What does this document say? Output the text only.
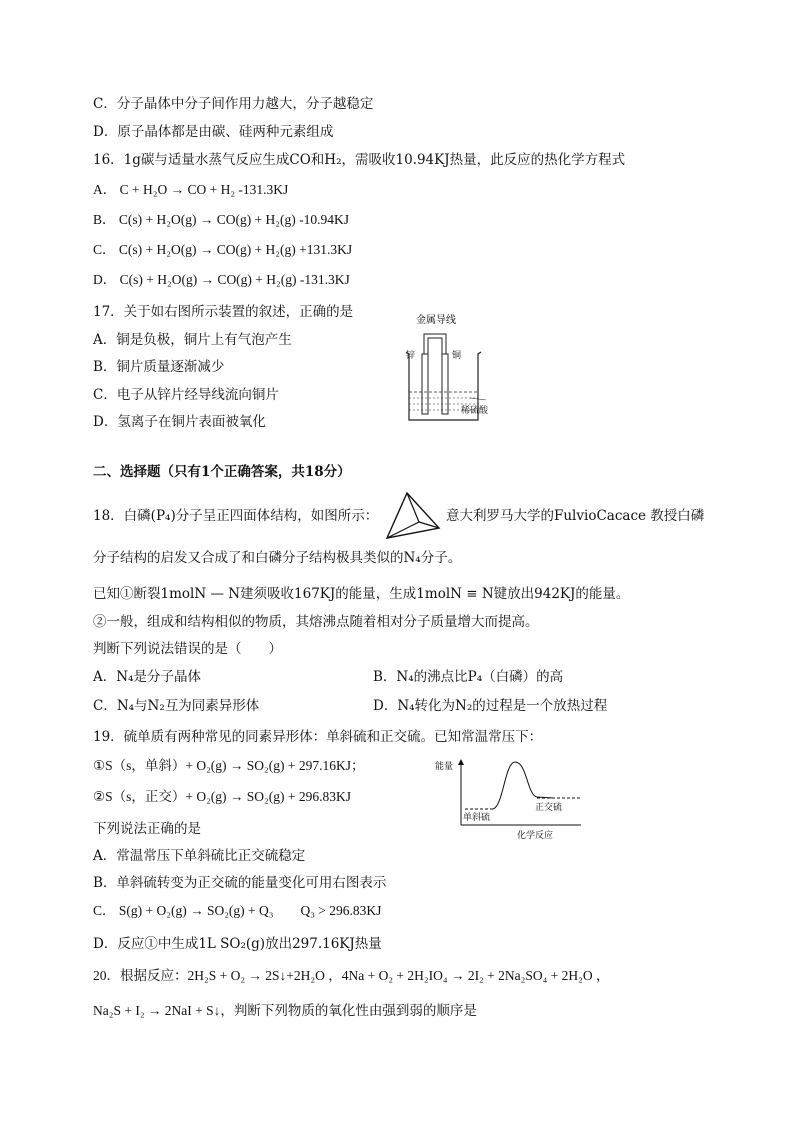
C．分子晶体中分子间作用力越大，分子越稳定
D．原子晶体都是由碳、硅两种元素组成
16．1g碳与适量水蒸气反应生成CO和H₂，需吸收10.94KJ热量，此反应的热化学方程式
A． C + H₂O → CO + H₂ -131.3KJ
B． C(s) + H₂O(g) → CO(g) + H₂(g) -10.94KJ
C． C(s) + H₂O(g) → CO(g) + H₂(g) +131.3KJ
D． C(s) + H₂O(g) → CO(g) + H₂(g) -131.3KJ
17．关于如右图所示装置的叙述，正确的是
A．铜是负极，铜片上有气泡产生
B．铜片质量逐渐减少
C．电子从锌片经导线流向铜片
D．氢离子在铜片表面被氧化
金属导线
锌	铜
稀硫酸
二、选择题（只有1个正确答案，共18分）
18．白磷(P₄)分子呈正四面体结构，如图所示：	意大利罗马大学的FulvioCacace 教授白磷
分子结构的启发又合成了和白磷分子结构极具类似的N₄分子。
已知①断裂1molN — N建须吸收167KJ的能量，生成1molN ≡ N键放出942KJ的能量。
②一般，组成和结构相似的物质，其熔沸点随着相对分子质量增大而提高。
判断下列说法错误的是（　　）
A．N₄是分子晶体	B．N₄的沸点比P₄（白磷）的高
C．N₄与N₂互为同素异形体	D．N₄转化为N₂的过程是一个放热过程
19．硫单质有两种常见的同素异形体：单斜硫和正交硫。已知常温常压下：
①S（s，单斜）+ O₂(g) → SO₂(g) + 297.16KJ；
②S（s，正交）+ O₂(g) → SO₂(g) + 296.83KJ
下列说法正确的是
A．常温常压下单斜硫比正交硫稳定
B．单斜硫转变为正交硫的能量变化可用右图表示
C． S(g) + O₂(g) → SO₂(g) + Q₃　　Q₃ > 296.83KJ
D．反应①中生成1L SO₂(g)放出297.16KJ热量
能量
单斜硫
正交硫
化学反应
20．根据反应：2H₂S + O₂ → 2S↓+2H₂O ，4Na + O₂ + 2H₂IO₄ → 2I₂ + 2Na₂SO₄ + 2H₂O ，
Na₂S + I₂ → 2NaI + S↓，判断下列物质的氧化性由强到弱的顺序是
